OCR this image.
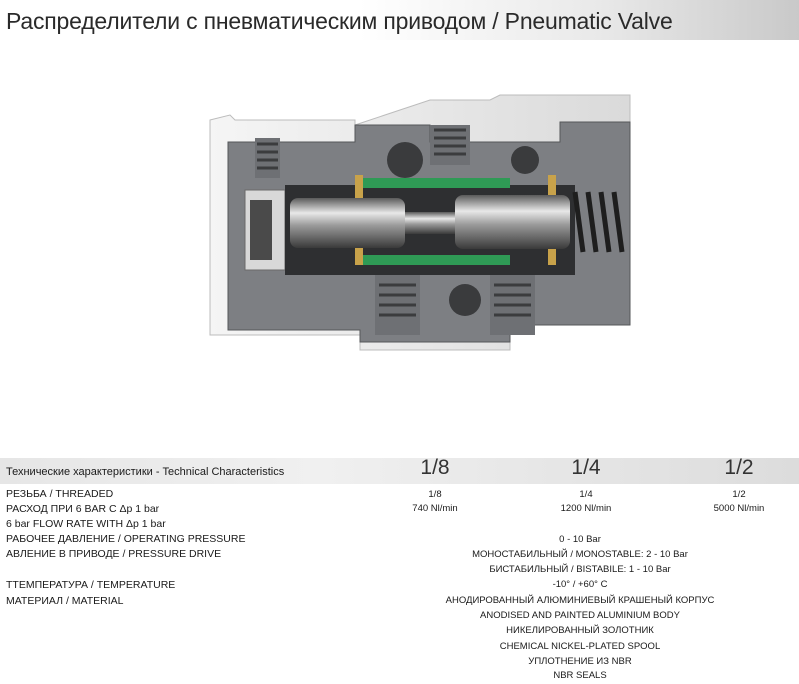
Распределители с пневматическим приводом / Pneumatic Valve
Технические характеристики - Technical Characteristics	1/8	1/4	1/2
РЕЗЬБА / THREADED	1/8	1/4	1/2
РАСХОД ПРИ 6 BAR С Δp 1 bar	740 Nl/min	1200 Nl/min	5000 Nl/min
6 bar FLOW RATE WITH Δp 1 bar
РАБОЧЕЕ ДАВЛЕНИЕ / OPERATING PRESSURE	0 - 10 Bar
АВЛЕНИЕ В ПРИВОДЕ / PRESSURE DRIVE	МОНОСТАБИЛЬНЫЙ / MONOSTABLE: 2 - 10 Bar
БИСТАБИЛЬНЫЙ / BISTABILE: 1 - 10 Bar
ТТЕМПЕРАТУРА / TEMPERATURE	-10° / +60° C
МАТЕРИАЛ / MATERIAL	АНОДИРОВАННЫЙ АЛЮМИНИЕВЫЙ КРАШЕНЫЙ КОРПУС
ANODISED AND PAINTED ALUMINIUM BODY
НИКЕЛИРОВАННЫЙ ЗОЛОТНИК
CHEMICAL NICKEL-PLATED SPOOL
УПЛОТНЕНИЕ ИЗ NBR
NBR SEALS
